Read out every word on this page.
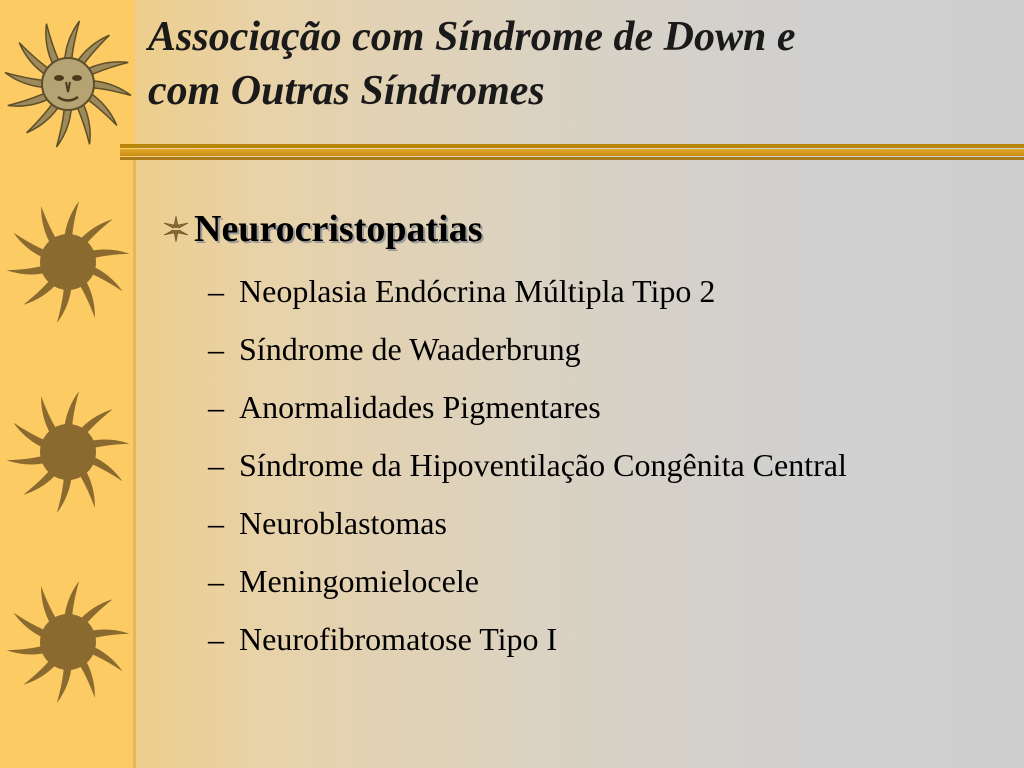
Associação com Síndrome de Down e
com Outras Síndromes
Neurocristopatias
– Neoplasia Endócrina Múltipla Tipo 2
– Síndrome de Waaderbrung
– Anormalidades Pigmentares
– Síndrome da Hipoventilação Congênita Central
– Neuroblastomas
– Meningomielocele
– Neurofibromatose Tipo I
